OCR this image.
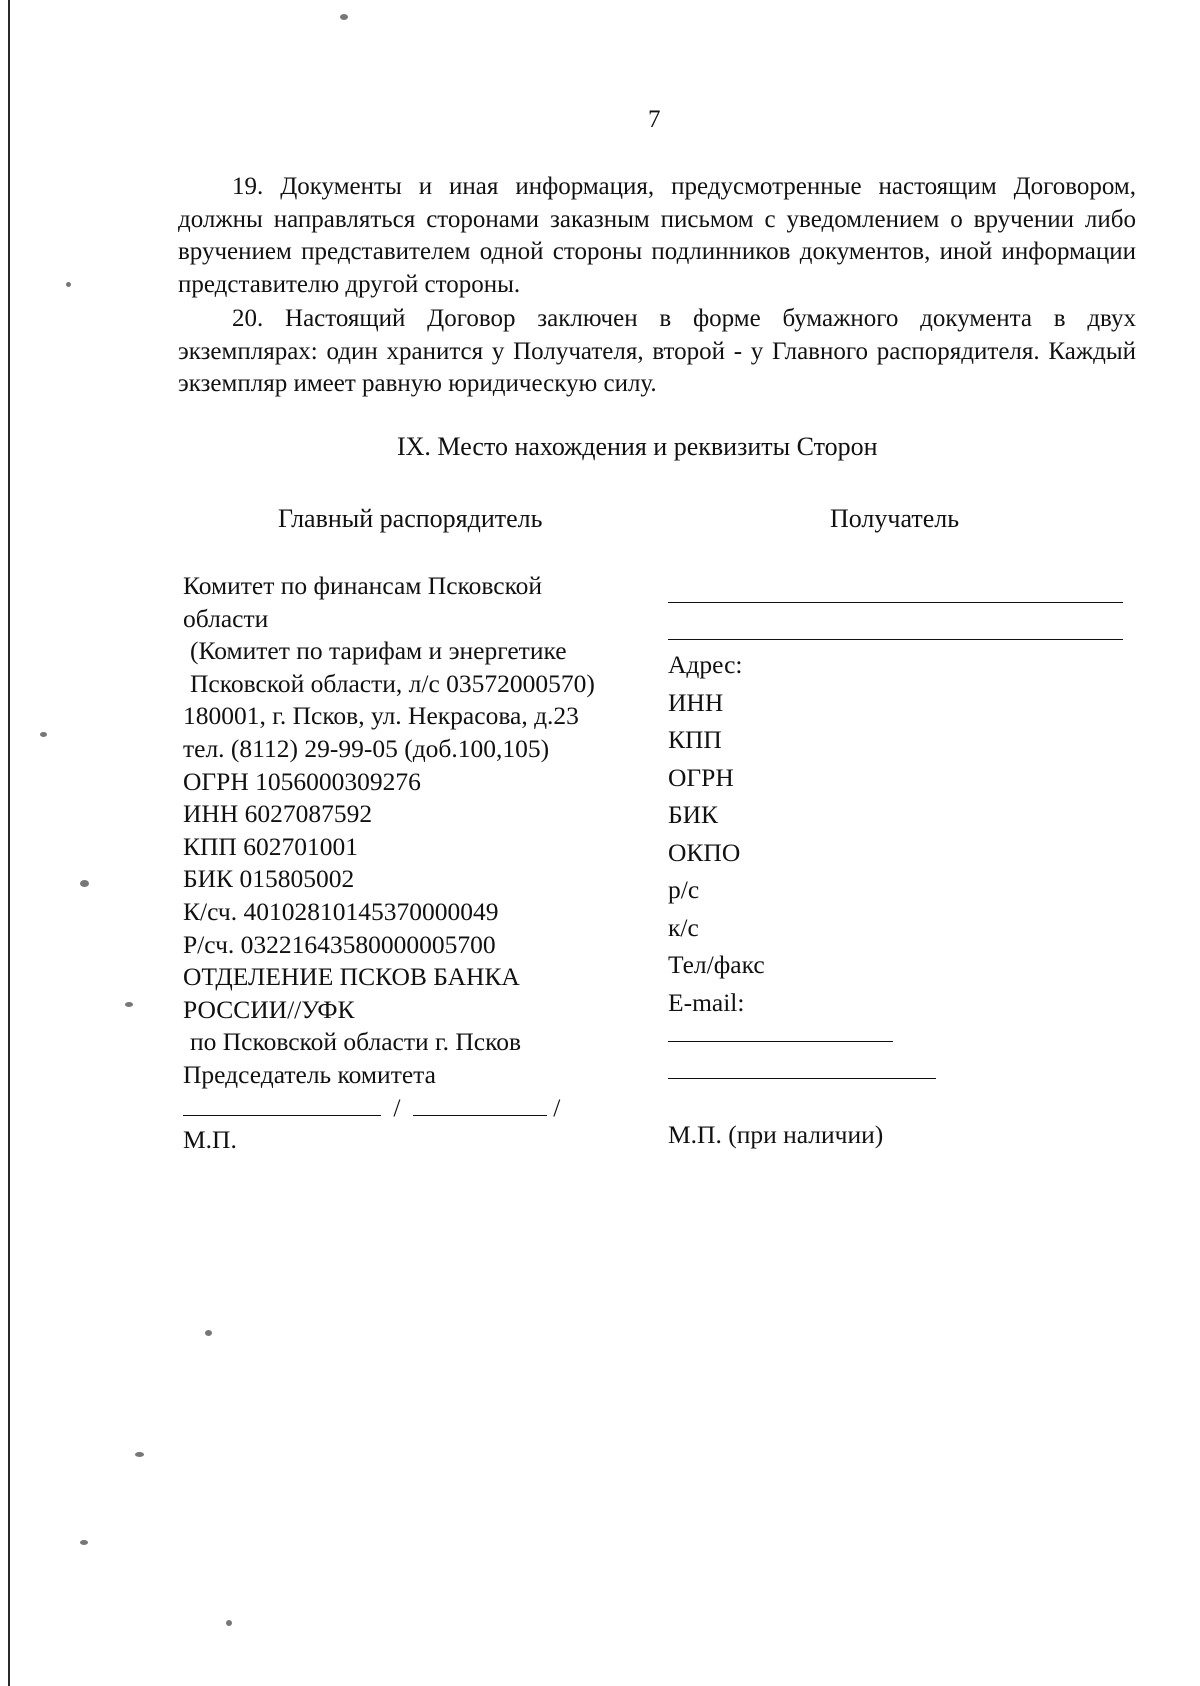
7

19. Документы и иная информация, предусмотренные настоящим Договором, должны направляться сторонами заказным письмом с уведомлением о вручении либо вручением представителем одной стороны подлинников документов, иной информации представителю другой стороны.

20. Настоящий Договор заключен в форме бумажного документа в двух экземплярах: один хранится у Получателя, второй - у Главного распорядителя. Каждый экземпляр имеет равную юридическую силу.

IX. Место нахождения и реквизиты Сторон
Главный распорядитель	Получатель
Комитет по финансам Псковской
области
(Комитет по тарифам и энергетике
Псковской области, л/с 03572000570)
180001, г. Псков, ул. Некрасова, д.23
тел. (8112) 29-99-05 (доб.100,105)
ОГРН 1056000309276
ИНН 6027087592
КПП 602701001
БИК 015805002
К/сч. 40102810145370000049
Р/сч. 03221643580000005700
ОТДЕЛЕНИЕ ПСКОВ БАНКА
РОССИИ//УФК
по Псковской области г. Псков
Председатель комитета
/	/
М.П.
Адрес:
ИНН
КПП
ОГРН
БИК
ОКПО
р/с
к/с
Тел/факс
E-mail:
М.П. (при наличии)
